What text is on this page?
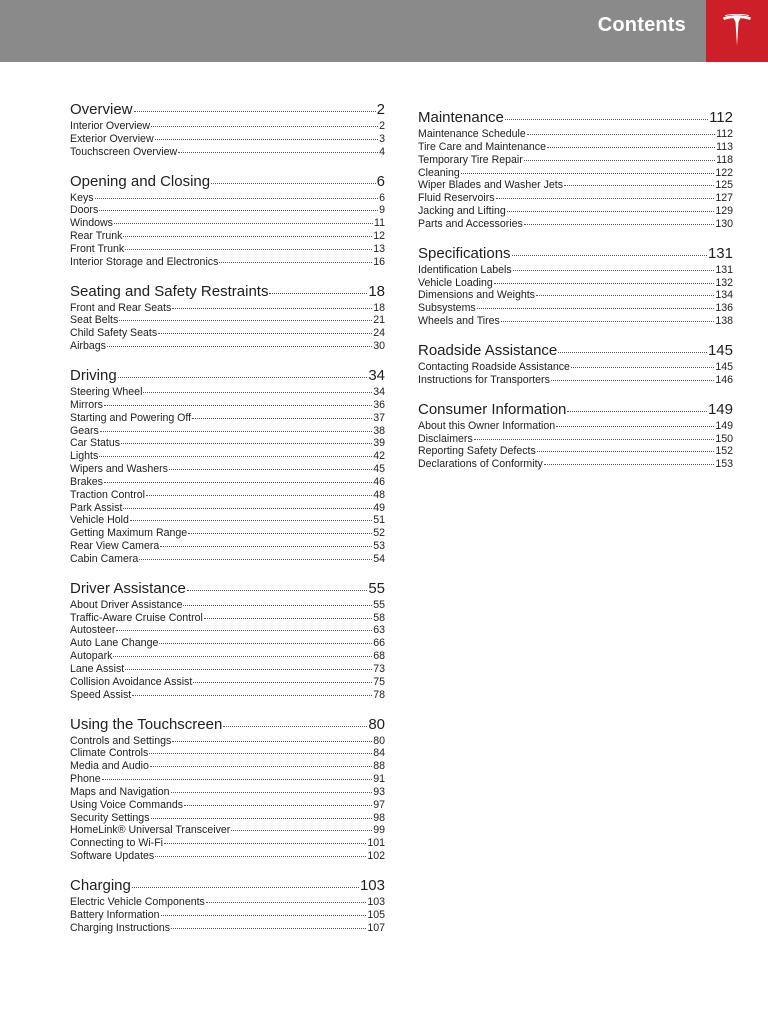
Contents
Overview	2
Interior Overview	2
Exterior Overview	3
Touchscreen Overview	4
Opening and Closing	6
Keys	6
Doors	9
Windows	11
Rear Trunk	12
Front Trunk	13
Interior Storage and Electronics	16
Seating and Safety Restraints	18
Front and Rear Seats	18
Seat Belts	21
Child Safety Seats	24
Airbags	30
Driving	34
Steering Wheel	34
Mirrors	36
Starting and Powering Off	37
Gears	38
Car Status	39
Lights	42
Wipers and Washers	45
Brakes	46
Traction Control	48
Park Assist	49
Vehicle Hold	51
Getting Maximum Range	52
Rear View Camera	53
Cabin Camera	54
Driver Assistance	55
About Driver Assistance	55
Traffic-Aware Cruise Control	58
Autosteer	63
Auto Lane Change	66
Autopark	68
Lane Assist	73
Collision Avoidance Assist	75
Speed Assist	78
Using the Touchscreen	80
Controls and Settings	80
Climate Controls	84
Media and Audio	88
Phone	91
Maps and Navigation	93
Using Voice Commands	97
Security Settings	98
HomeLink® Universal Transceiver	99
Connecting to Wi-Fi	101
Software Updates	102
Charging	103
Electric Vehicle Components	103
Battery Information	105
Charging Instructions	107
Maintenance	112
Maintenance Schedule	112
Tire Care and Maintenance	113
Temporary Tire Repair	118
Cleaning	122
Wiper Blades and Washer Jets	125
Fluid Reservoirs	127
Jacking and Lifting	129
Parts and Accessories	130
Specifications	131
Identification Labels	131
Vehicle Loading	132
Dimensions and Weights	134
Subsystems	136
Wheels and Tires	138
Roadside Assistance	145
Contacting Roadside Assistance	145
Instructions for Transporters	146
Consumer Information	149
About this Owner Information	149
Disclaimers	150
Reporting Safety Defects	152
Declarations of Conformity	153
